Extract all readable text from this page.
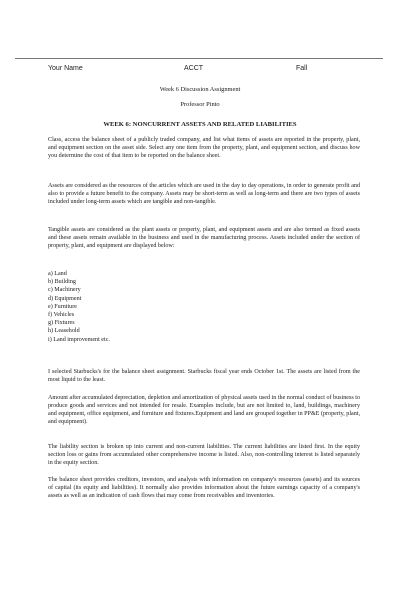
Your Name	ACCT	Fall
Week 6 Discussion Assignment
Professor Pinto
WEEK 6: NONCURRENT ASSETS AND RELATED LIABILITIES
Class, access the balance sheet of a publicly traded company, and list what items of assets are reported in the property, plant, and equipment section on the asset side. Select any one item from the property, plant, and equipment section, and discuss how you determine the cost of that item to be reported on the balance sheet.
Assets are considered as the resources of the articles which are used in the day to day operations, in order to generate profit and also to provide a future benefit to the company. Assets may be short-term as well as long-term and there are two types of assets included under long-term assets which are tangible and non-tangible.
Tangible assets are considered as the plant assets or property, plant, and equipment assets and are also termed as fixed assets and these assets remain available in the business and used in the manufacturing process. Assets included under the section of property, plant, and equipment are displayed below:
a) Land
b) Building
c) Machinery
d) Equipment
e) Furniture
f) Vehicles
g) Fixtures
h) Leasehold
i) Land improvement etc.
I selected Starbucks's for the balance sheet assignment. Starbucks fiscal year ends October 1st. The assets are listed from the most liquid to the least.
Amount after accumulated depreciation, depletion and amortization of physical assets used in the normal conduct of business to produce goods and services and not intended for resale. Examples include, but are not limited to, land, buildings, machinery and equipment, office equipment, and furniture and fixtures.Equipment and land are grouped together in PP&E (property, plant, and equipment).
The liability section is broken up into current and non-current liabilities. The current liabilities are listed first. In the equity section loss or gains from accumulated other comprehensive income is listed. Also, non-controlling interest is listed separately in the equity section.
The balance sheet provides creditors, investors, and analysts with information on company's resources (assets) and its sources of capital (its equity and liabilities). It normally also provides information about the future earnings capacity of a company's assets as well as an indication of cash flows that may come from receivables and inventories.
